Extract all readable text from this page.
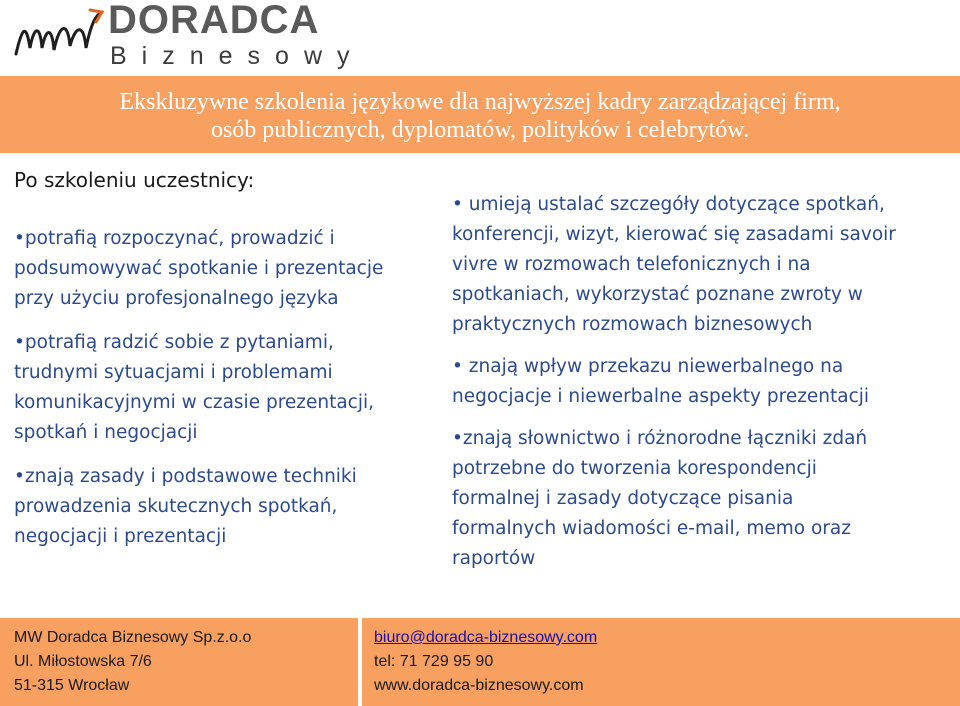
DORADCA
Biznesowy
Ekskluzywne szkolenia językowe dla najwyższej kadry zarządzającej firm,
osób publicznych, dyplomatów, polityków i celebrytów.
Po szkoleniu uczestnicy:

•potrafią rozpoczynać, prowadzić i
podsumowywać spotkanie i prezentacje
przy użyciu profesjonalnego języka

•potrafią radzić sobie z pytaniami,
trudnymi sytuacjami i problemami
komunikacyjnymi w czasie prezentacji,
spotkań i negocjacji

•znają zasady i podstawowe techniki
prowadzenia skutecznych spotkań,
negocjacji i prezentacji

• umieją ustalać szczegóły dotyczące spotkań,
konferencji, wizyt, kierować się zasadami savoir
vivre w rozmowach telefonicznych i na
spotkaniach, wykorzystać poznane zwroty w
praktycznych rozmowach biznesowych

• znają wpływ przekazu niewerbalnego na
negocjacje i niewerbalne aspekty prezentacji

•znają słownictwo i różnorodne łączniki zdań
potrzebne do tworzenia korespondencji
formalnej i zasady dotyczące pisania
formalnych wiadomości e-mail, memo oraz
raportów

MW Doradca Biznesowy Sp.z.o.o
Ul. Miłostowska 7/6
51-315 Wrocław
biuro@doradca-biznesowy.com
tel: 71 729 95 90
www.doradca-biznesowy.com
